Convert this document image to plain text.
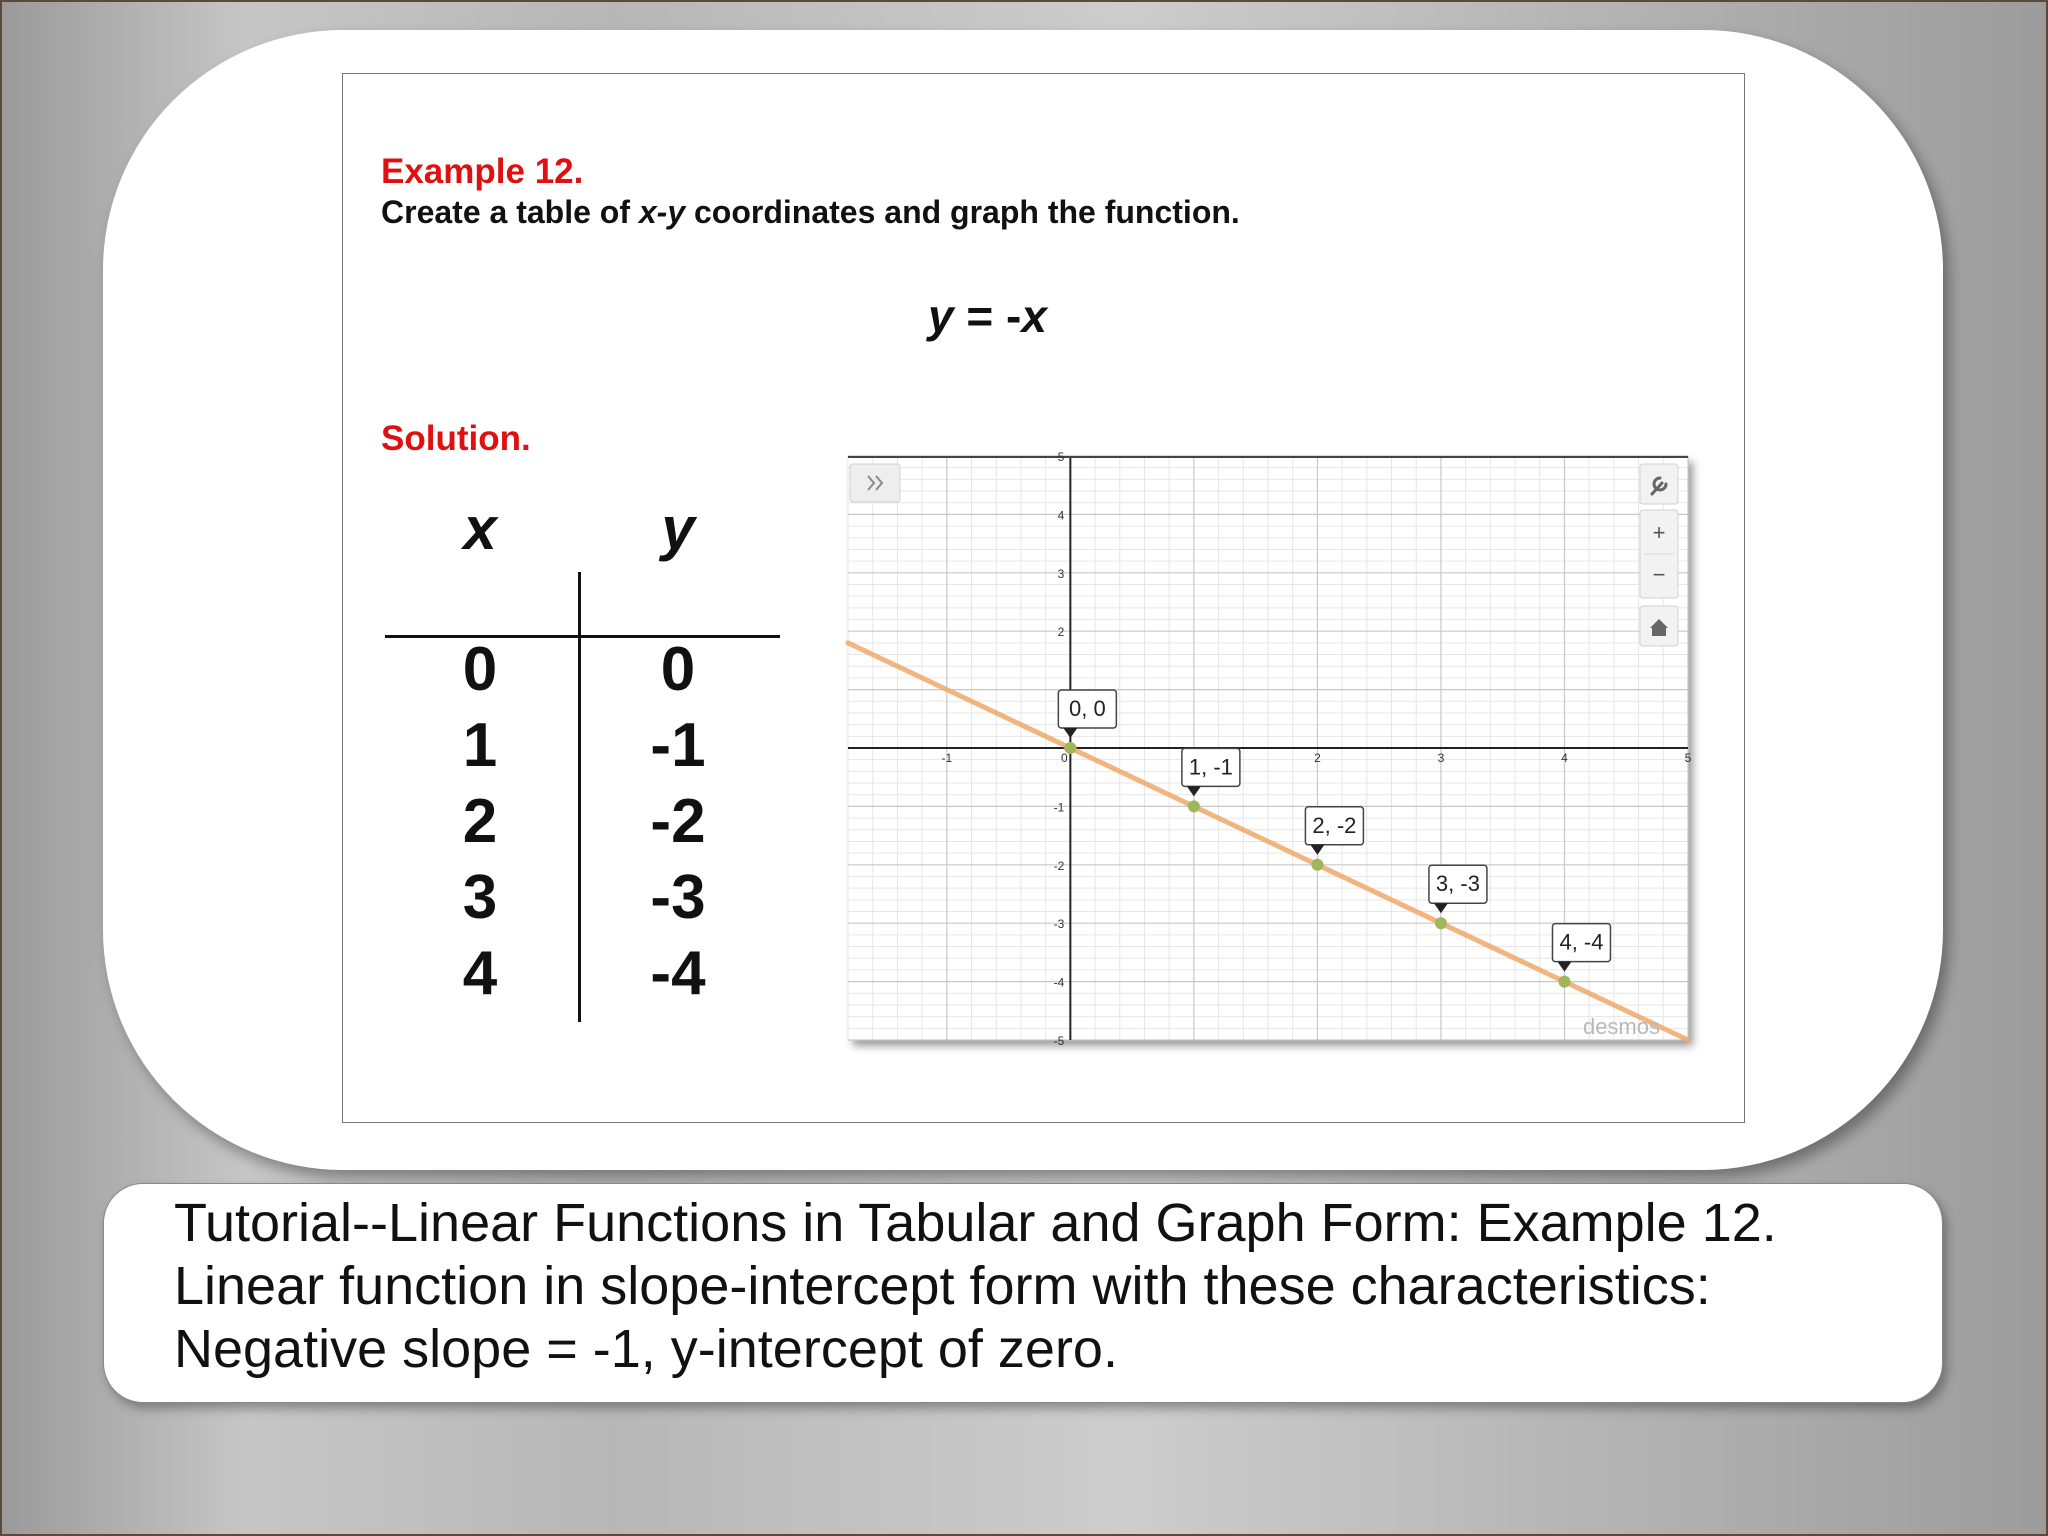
Example 12.
Create a table of x-y coordinates and graph the function.
y = -x
Solution.
x	y
0	0
1	-1
2	-2
3	-3
4	-4
-1	0	2	3	4	5
5
4
3
2
-1
-2
-3
-4
-5
0, 0
1, -1
2, -2
3, -3
4, -4
desmos
+
−
Tutorial--Linear Functions in Tabular and Graph Form: Example 12.
Linear function in slope-intercept form with these characteristics:
Negative slope = -1, y-intercept of zero.
